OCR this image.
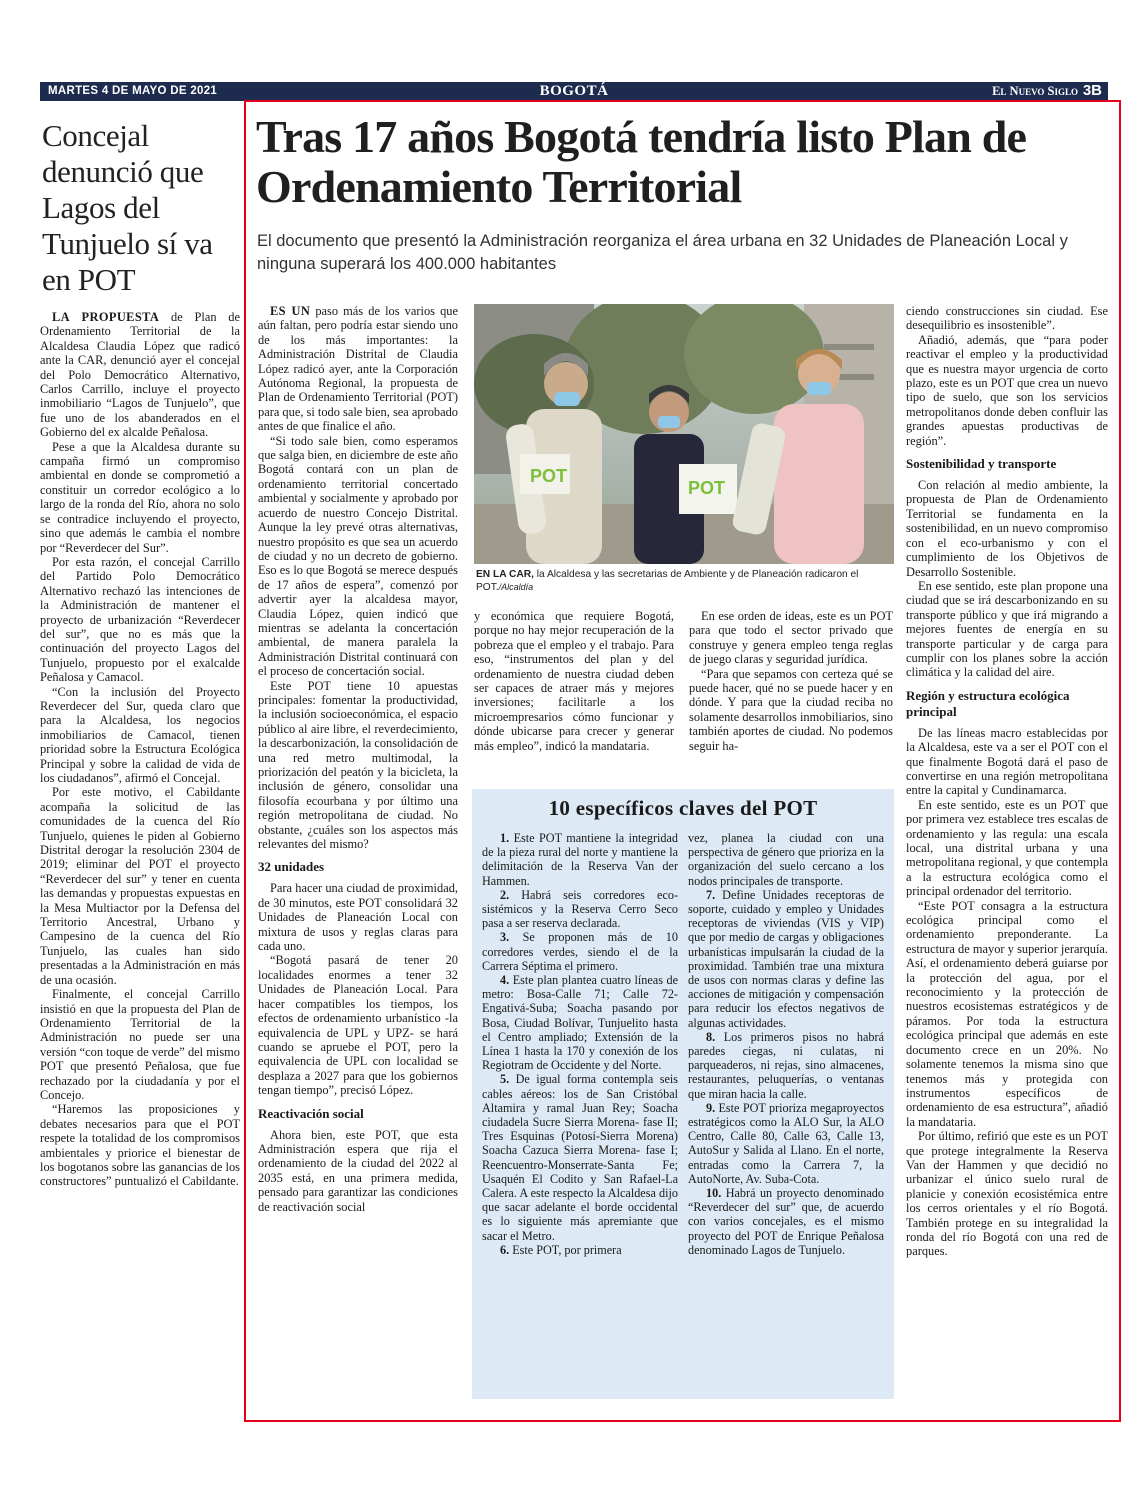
MARTES 4 DE MAYO DE 2021	BOGOTÁ	El Nuevo Siglo 3B
Concejal denunció que Lagos del Tunjuelo sí va en POT

LA PROPUESTA de Plan de Ordenamiento Territorial de la Alcaldesa Claudia López que radicó ante la CAR, denunció ayer el concejal del Polo Democrático Alternativo, Carlos Carrillo, incluye el proyecto inmobiliario “Lagos de Tunjuelo”, que fue uno de los abanderados en el Gobierno del ex alcalde Peñalosa.

Pese a que la Alcaldesa durante su campaña firmó un compromiso ambiental en donde se comprometió a constituir un corredor ecológico a lo largo de la ronda del Río, ahora no solo se contradice incluyendo el proyecto, sino que además le cambia el nombre por “Reverdecer del Sur”.

Por esta razón, el concejal Carrillo del Partido Polo Democrático Alternativo rechazó las intenciones de la Administración de mantener el proyecto de urbanización “Reverdecer del sur”, que no es más que la continuación del proyecto Lagos del Tunjuelo, propuesto por el exalcalde Peñalosa y Camacol.

“Con la inclusión del Proyecto Reverdecer del Sur, queda claro que para la Alcaldesa, los negocios inmobiliarios de Camacol, tienen prioridad sobre la Estructura Ecológica Principal y sobre la calidad de vida de los ciudadanos”, afirmó el Concejal.

Por este motivo, el Cabildante acompaña la solicitud de las comunidades de la cuenca del Río Tunjuelo, quienes le piden al Gobierno Distrital derogar la resolución 2304 de 2019; eliminar del POT el proyecto “Reverdecer del sur” y tener en cuenta las demandas y propuestas expuestas en la Mesa Multiactor por la Defensa del Territorio Ancestral, Urbano y Campesino de la cuenca del Río Tunjuelo, las cuales han sido presentadas a la Administración en más de una ocasión.

Finalmente, el concejal Carrillo insistió en que la propuesta del Plan de Ordenamiento Territorial de la Administración no puede ser una versión “con toque de verde” del mismo POT que presentó Peñalosa, que fue rechazado por la ciudadanía y por el Concejo.

“Haremos las proposiciones y debates necesarios para que el POT respete la totalidad de los compromisos ambientales y priorice el bienestar de los bogotanos sobre las ganancias de los constructores” puntualizó el Cabildante.

Tras 17 años Bogotá tendría listo Plan de Ordenamiento Territorial
El documento que presentó la Administración reorganiza el área urbana en 32 Unidades de Planeación Local y ninguna superará los 400.000 habitantes

ES UN paso más de los varios que aún faltan, pero podría estar siendo uno de los más importantes: la Administración Distrital de Claudia López radicó ayer, ante la Corporación Autónoma Regional, la propuesta de Plan de Ordenamiento Territorial (POT) para que, si todo sale bien, sea aprobado antes de que finalice el año.

“Si todo sale bien, como esperamos que salga bien, en diciembre de este año Bogotá contará con un plan de ordenamiento territorial concertado ambiental y socialmente y aprobado por acuerdo de nuestro Concejo Distrital. Aunque la ley prevé otras alternativas, nuestro propósito es que sea un acuerdo de ciudad y no un decreto de gobierno. Eso es lo que Bogotá se merece después de 17 años de espera”, comenzó por advertir ayer la alcaldesa mayor, Claudia López, quien indicó que mientras se adelanta la concertación ambiental, de manera paralela la Administración Distrital continuará con el proceso de concertación social.

Este POT tiene 10 apuestas principales: fomentar la productividad, la inclusión socioeconómica, el espacio público al aire libre, el reverdecimiento, la descarbonización, la consolidación de una red metro multimodal, la priorización del peatón y la bicicleta, la inclusión de género, consolidar una filosofía ecourbana y por último una región metropolitana de ciudad. No obstante, ¿cuáles son los aspectos más relevantes del mismo?

32 unidades

Para hacer una ciudad de proximidad, de 30 minutos, este POT consolidará 32 Unidades de Planeación Local con mixtura de usos y reglas claras para cada uno.

“Bogotá pasará de tener 20 localidades enormes a tener 32 Unidades de Planeación Local. Para hacer compatibles los tiempos, los efectos de ordenamiento urbanístico -la equivalencia de UPL y UPZ- se hará cuando se apruebe el POT, pero la equivalencia de UPL con localidad se desplaza a 2027 para que los gobiernos tengan tiempo”, precisó López.

Reactivación social

Ahora bien, este POT, que esta Administración espera que rija el ordenamiento de la ciudad del 2022 al 2035 está, en una primera medida, pensado para garantizar las condiciones de reactivación social

y económica que requiere Bogotá, porque no hay mejor recuperación de la pobreza que el empleo y el trabajo. Para eso, “instrumentos del plan y del ordenamiento de nuestra ciudad deben ser capaces de atraer más y mejores inversiones; facilitarle a los microempresarios cómo funcionar y dónde ubicarse para crecer y generar más empleo”, indicó la mandataria.

En ese orden de ideas, este es un POT para que todo el sector privado que construye y genera empleo tenga reglas de juego claras y seguridad jurídica.

“Para que sepamos con certeza qué se puede hacer, qué no se puede hacer y en dónde. Y para que la ciudad reciba no solamente desarrollos inmobiliarios, sino también aportes de ciudad. No podemos seguir ha-

ciendo construcciones sin ciudad. Ese desequilibrio es insostenible”.

Añadió, además, que “para poder reactivar el empleo y la productividad que es nuestra mayor urgencia de corto plazo, este es un POT que crea un nuevo tipo de suelo, que son los servicios metropolitanos donde deben confluir las grandes apuestas productivas de región”.

Sostenibilidad y transporte

Con relación al medio ambiente, la propuesta de Plan de Ordenamiento Territorial se fundamenta en la sostenibilidad, en un nuevo compromiso con el eco-urbanismo y con el cumplimiento de los Objetivos de Desarrollo Sostenible.

En ese sentido, este plan propone una ciudad que se irá descarbonizando en su transporte público y que irá migrando a mejores fuentes de energía en su transporte particular y de carga para cumplir con los planes sobre la acción climática y la calidad del aire.

Región y estructura ecológica principal

De las líneas macro establecidas por la Alcaldesa, este va a ser el POT con el que finalmente Bogotá dará el paso de convertirse en una región metropolitana entre la capital y Cundinamarca.

En este sentido, este es un POT que por primera vez establece tres escalas de ordenamiento y las regula: una escala local, una distrital urbana y una metropolitana regional, y que contempla a la estructura ecológica como el principal ordenador del territorio.

“Este POT consagra a la estructura ecológica principal como el ordenamiento preponderante. La estructura de mayor y superior jerarquía. Así, el ordenamiento deberá guiarse por la protección del agua, por el reconocimiento y la protección de nuestros ecosistemas estratégicos y de páramos. Por toda la estructura ecológica principal que además en este documento crece en un 20%. No solamente tenemos la misma sino que tenemos más y protegida con instrumentos específicos de ordenamiento de esa estructura”, añadió la mandataria.

Por último, refirió que este es un POT que protege integralmente la Reserva Van der Hammen y que decidió no urbanizar el único suelo rural de planicie y conexión ecosistémica entre los cerros orientales y el río Bogotá. También protege en su integralidad la ronda del río Bogotá con una red de parques.

POT
POT
EN LA CAR, la Alcaldesa y las secretarias de Ambiente y de Planeación radicaron el POT./Alcaldía
10 específicos claves del POT

1. Este POT mantiene la integridad de la pieza rural del norte y mantiene la delimitación de la Reserva Van der Hammen.

2. Habrá seis corredores eco-sistémicos y la Reserva Cerro Seco pasa a ser reserva declarada.

3. Se proponen más de 10 corredores verdes, siendo el de la Carrera Séptima el primero.

4. Este plan plantea cuatro líneas de metro: Bosa-Calle 71; Calle 72-Engativá-Suba; Soacha pasando por Bosa, Ciudad Bolívar, Tunjuelito hasta el Centro ampliado; Extensión de la Línea 1 hasta la 170 y conexión de los Regiotram de Occidente y del Norte.

5. De igual forma contempla seis cables aéreos: los de San Cristóbal Altamira y ramal Juan Rey; Soacha ciudadela Sucre Sierra Morena- fase II; Tres Esquinas (Potosí-Sierra Morena) Soacha Cazuca Sierra Morena- fase I; Reencuentro-Monserrate-Santa Fe; Usaquén El Codito y San Rafael-La Calera. A este respecto la Alcaldesa dijo que sacar adelante el borde occidental es lo siguiente más apremiante que sacar el Metro.

6. Este POT, por primera

vez, planea la ciudad con una perspectiva de género que prioriza en la organización del suelo cercano a los nodos principales de transporte.

7. Define Unidades receptoras de soporte, cuidado y empleo y Unidades receptoras de viviendas (VIS y VIP) que por medio de cargas y obligaciones urbanísticas impulsarán la ciudad de la proximidad. También trae una mixtura de usos con normas claras y define las acciones de mitigación y compensación para reducir los efectos negativos de algunas actividades.

8. Los primeros pisos no habrá paredes ciegas, ni culatas, ni parqueaderos, ni rejas, sino almacenes, restaurantes, peluquerías, o ventanas que miran hacia la calle.

9. Este POT prioriza megaproyectos estratégicos como la ALO Sur, la ALO Centro, Calle 80, Calle 63, Calle 13, AutoSur y Salida al Llano. En el norte, entradas como la Carrera 7, la AutoNorte, Av. Suba-Cota.

10. Habrá un proyecto denominado “Reverdecer del sur” que, de acuerdo con varios concejales, es el mismo proyecto del POT de Enrique Peñalosa denominado Lagos de Tunjuelo.
